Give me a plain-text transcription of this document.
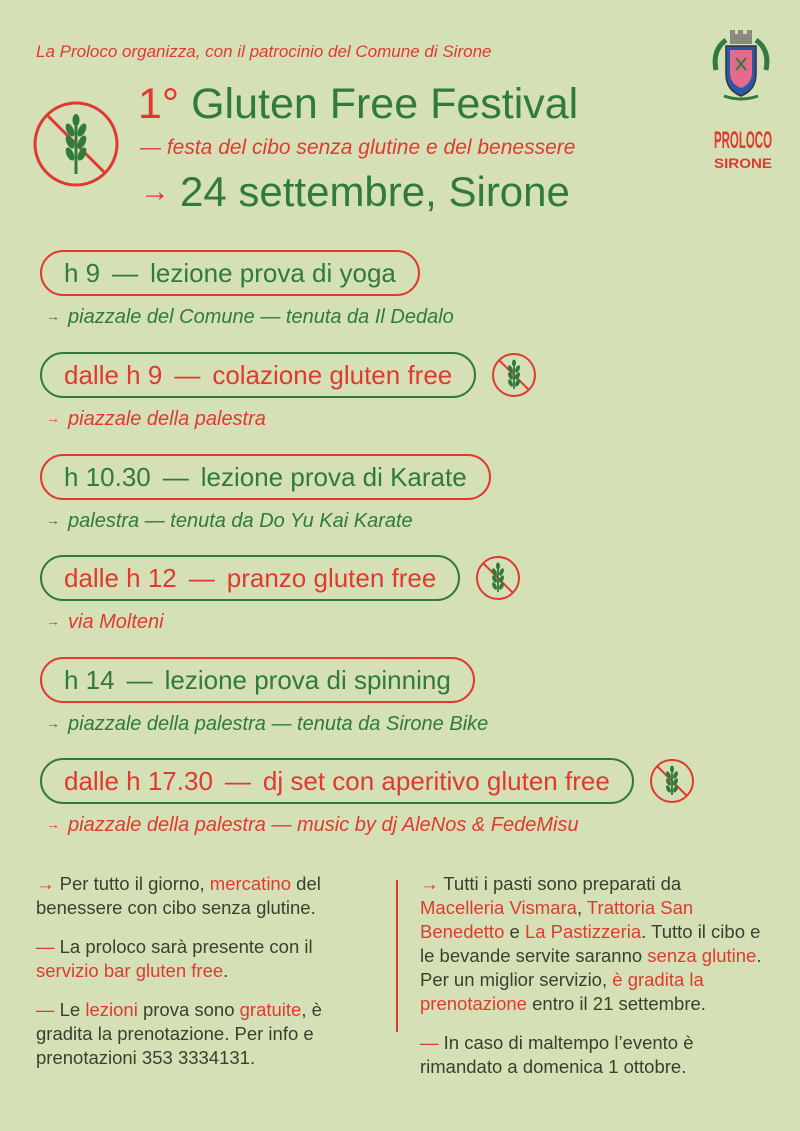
La Proloco organizza, con il patrocinio del Comune di Sirone
PROLOCO
SIRONE
1° Gluten Free Festival
— festa del cibo senza glutine e del benessere
→ 24 settembre, Sirone
h 9 — lezione prova di yoga
→ piazzale del Comune — tenuta da Il Dedalo
dalle h 9 — colazione gluten free
→ piazzale della palestra
h 10.30 — lezione prova di Karate
→ palestra — tenuta da Do Yu Kai Karate
dalle h 12 — pranzo gluten free
→ via Molteni
h 14 — lezione prova di spinning
→ piazzale della palestra — tenuta da Sirone Bike
dalle h 17.30 — dj set con aperitivo gluten free
→ piazzale della palestra — music by dj AleNos & FedeMisu

→ Per tutto il giorno, mercatino del benessere con cibo senza glutine.

— La proloco sarà presente con il servizio bar gluten free.

— Le lezioni prova sono gratuite, è gradita la prenotazione. Per info e prenotazioni 353 3334131.

→ Tutti i pasti sono preparati da Macelleria Vismara, Trattoria San Benedetto e La Pastizzeria. Tutto il cibo e le bevande servite saranno senza glutine. Per un miglior servizio, è gradita la prenotazione entro il 21 settembre.

— In caso di maltempo l’evento è rimandato a domenica 1 ottobre.
